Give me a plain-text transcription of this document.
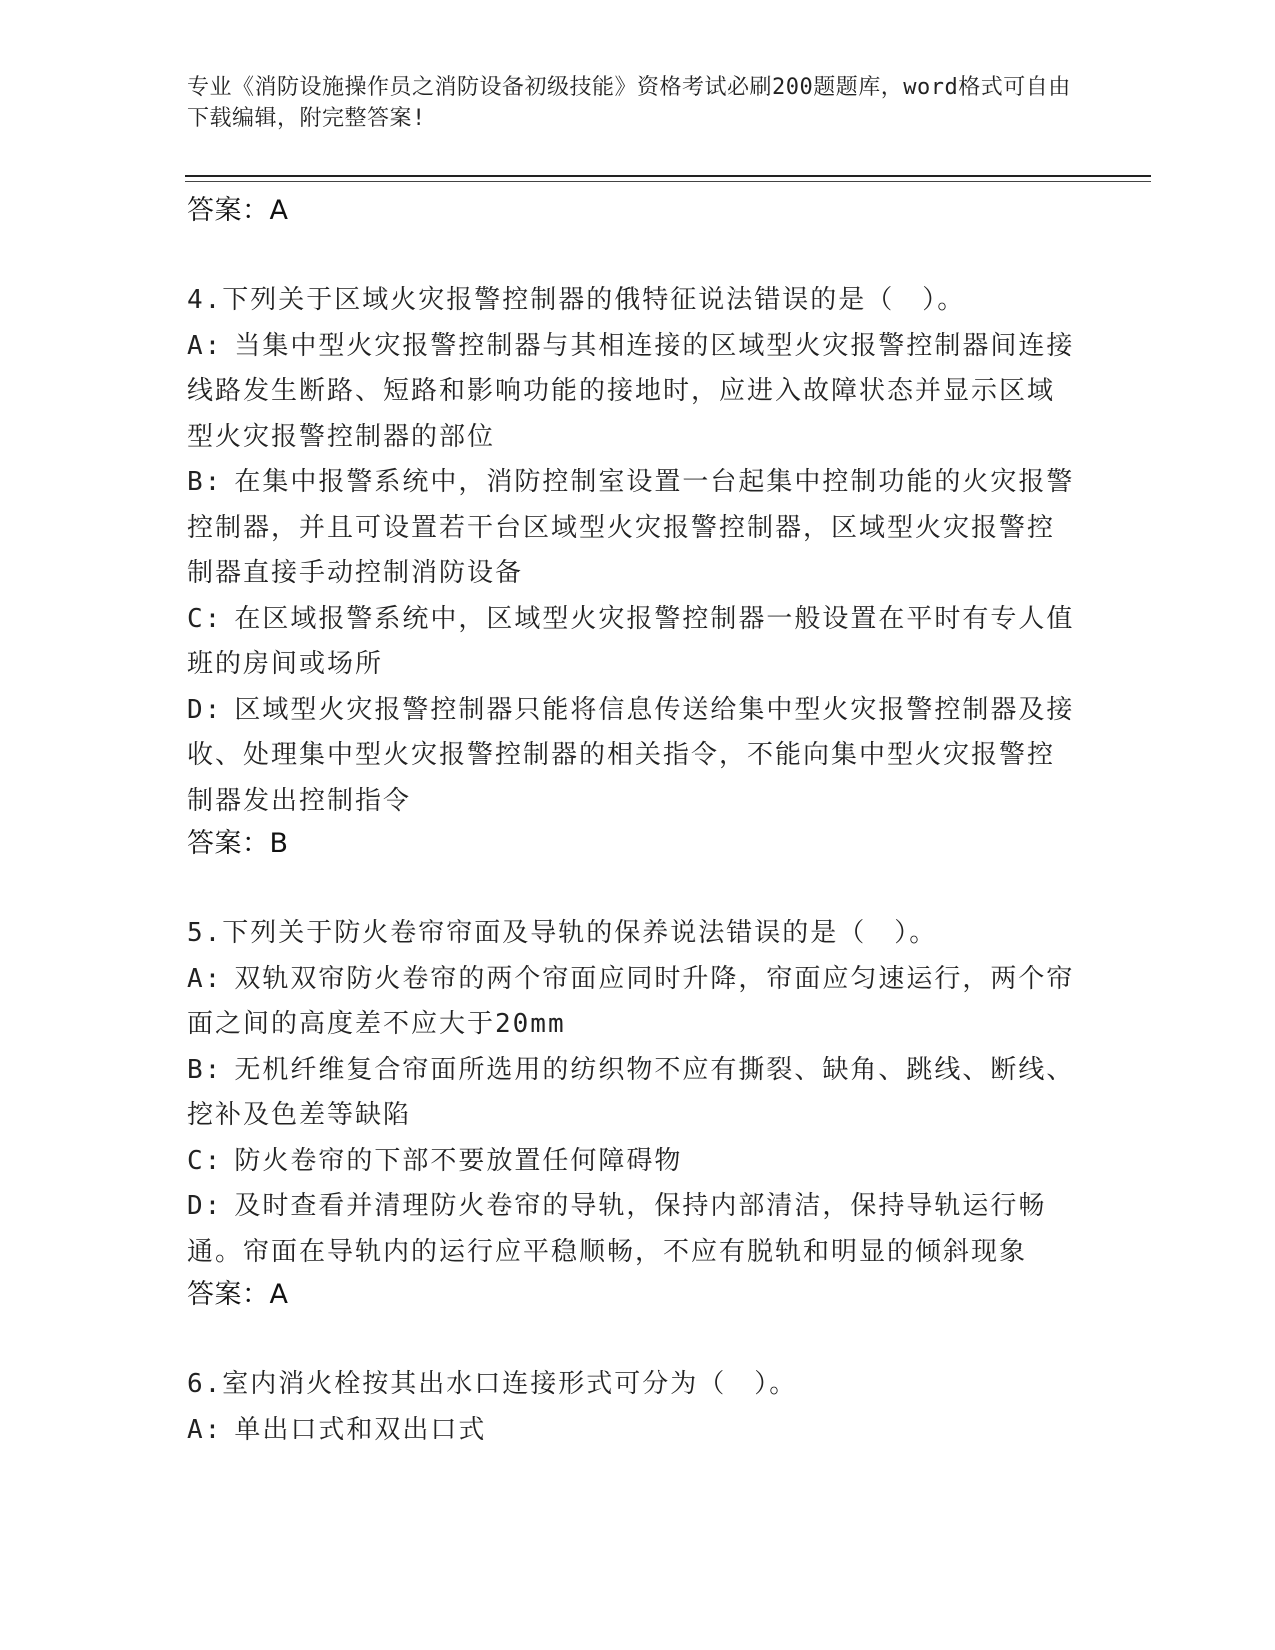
专业《消防设施操作员之消防设备初级技能》资格考试必刷200题题库，word格式可自由下载编辑，附完整答案!
答案：A
4.下列关于区域火灾报警控制器的俄特征说法错误的是（　）。
A: 当集中型火灾报警控制器与其相连接的区域型火灾报警控制器间连接线路发生断路、短路和影响功能的接地时，应进入故障状态并显示区域型火灾报警控制器的部位
B: 在集中报警系统中，消防控制室设置一台起集中控制功能的火灾报警控制器，并且可设置若干台区域型火灾报警控制器，区域型火灾报警控制器直接手动控制消防设备
C: 在区域报警系统中，区域型火灾报警控制器一般设置在平时有专人值班的房间或场所
D: 区域型火灾报警控制器只能将信息传送给集中型火灾报警控制器及接收、处理集中型火灾报警控制器的相关指令，不能向集中型火灾报警控制器发出控制指令
答案：B
5.下列关于防火卷帘帘面及导轨的保养说法错误的是（　）。
A: 双轨双帘防火卷帘的两个帘面应同时升降，帘面应匀速运行，两个帘面之间的高度差不应大于20mm
B: 无机纤维复合帘面所选用的纺织物不应有撕裂、缺角、跳线、断线、挖补及色差等缺陷
C: 防火卷帘的下部不要放置任何障碍物
D: 及时查看并清理防火卷帘的导轨，保持内部清洁，保持导轨运行畅通。帘面在导轨内的运行应平稳顺畅，不应有脱轨和明显的倾斜现象
答案：A
6.室内消火栓按其出水口连接形式可分为（　）。
A: 单出口式和双出口式
